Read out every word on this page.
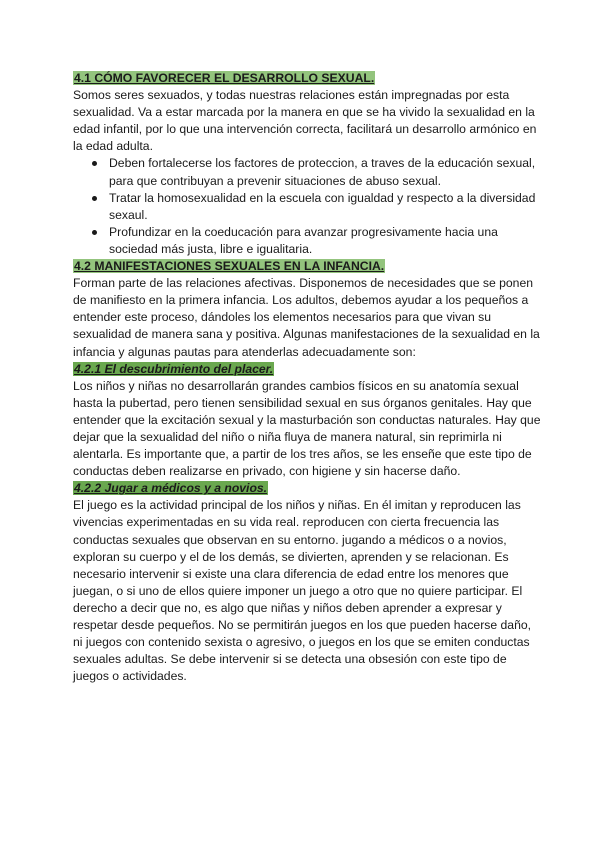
4.1 CÓMO FAVORECER EL DESARROLLO SEXUAL.

Somos seres sexuados, y todas nuestras relaciones están impregnadas por esta sexualidad. Va a estar marcada por la manera en que se ha vivido la sexualidad en la edad infantil, por lo que una intervención correcta, facilitará un desarrollo armónico en la edad adulta.

Deben fortalecerse los factores de proteccion, a traves de la educación sexual, para que contribuyan a prevenir situaciones de abuso sexual.
Tratar la homosexualidad en la escuela con igualdad y respecto a la diversidad sexaul.
Profundizar en la coeducación para avanzar progresivamente hacia una sociedad más justa, libre e igualitaria.
4.2 MANIFESTACIONES SEXUALES EN LA INFANCIA.

Forman parte de las relaciones afectivas. Disponemos de necesidades que se ponen de manifiesto en la primera infancia. Los adultos, debemos ayudar a los pequeños a entender este proceso, dándoles los elementos necesarios para que vivan su sexualidad de manera sana y positiva. Algunas manifestaciones de la sexualidad en la infancia y algunas pautas para atenderlas adecuadamente son:

4.2.1 El descubrimiento del placer.

Los niños y niñas no desarrollarán grandes cambios físicos en su anatomía sexual hasta la pubertad, pero tienen sensibilidad sexual en sus órganos genitales. Hay que entender que la excitación sexual y la masturbación son conductas naturales. Hay que dejar que la sexualidad del niño o niña fluya de manera natural, sin reprimirla ni alentarla. Es importante que, a partir de los tres años, se les enseñe que este tipo de conductas deben realizarse en privado, con higiene y sin hacerse daño.

4.2.2 Jugar a médicos y a novios.

El juego es la actividad principal de los niños y niñas. En él imitan y reproducen las vivencias experimentadas en su vida real. reproducen con cierta frecuencia las conductas sexuales que observan en su entorno. jugando a médicos o a novios, exploran su cuerpo y el de los demás, se divierten, aprenden y se relacionan. Es necesario intervenir si existe una clara diferencia de edad entre los menores que juegan, o si uno de ellos quiere imponer un juego a otro que no quiere participar. El derecho a decir que no, es algo que niñas y niños deben aprender a expresar y respetar desde pequeños. No se permitirán juegos en los que pueden hacerse daño, ni juegos con contenido sexista o agresivo, o juegos en los que se emiten conductas sexuales adultas. Se debe intervenir si se detecta una obsesión con este tipo de juegos o actividades.
